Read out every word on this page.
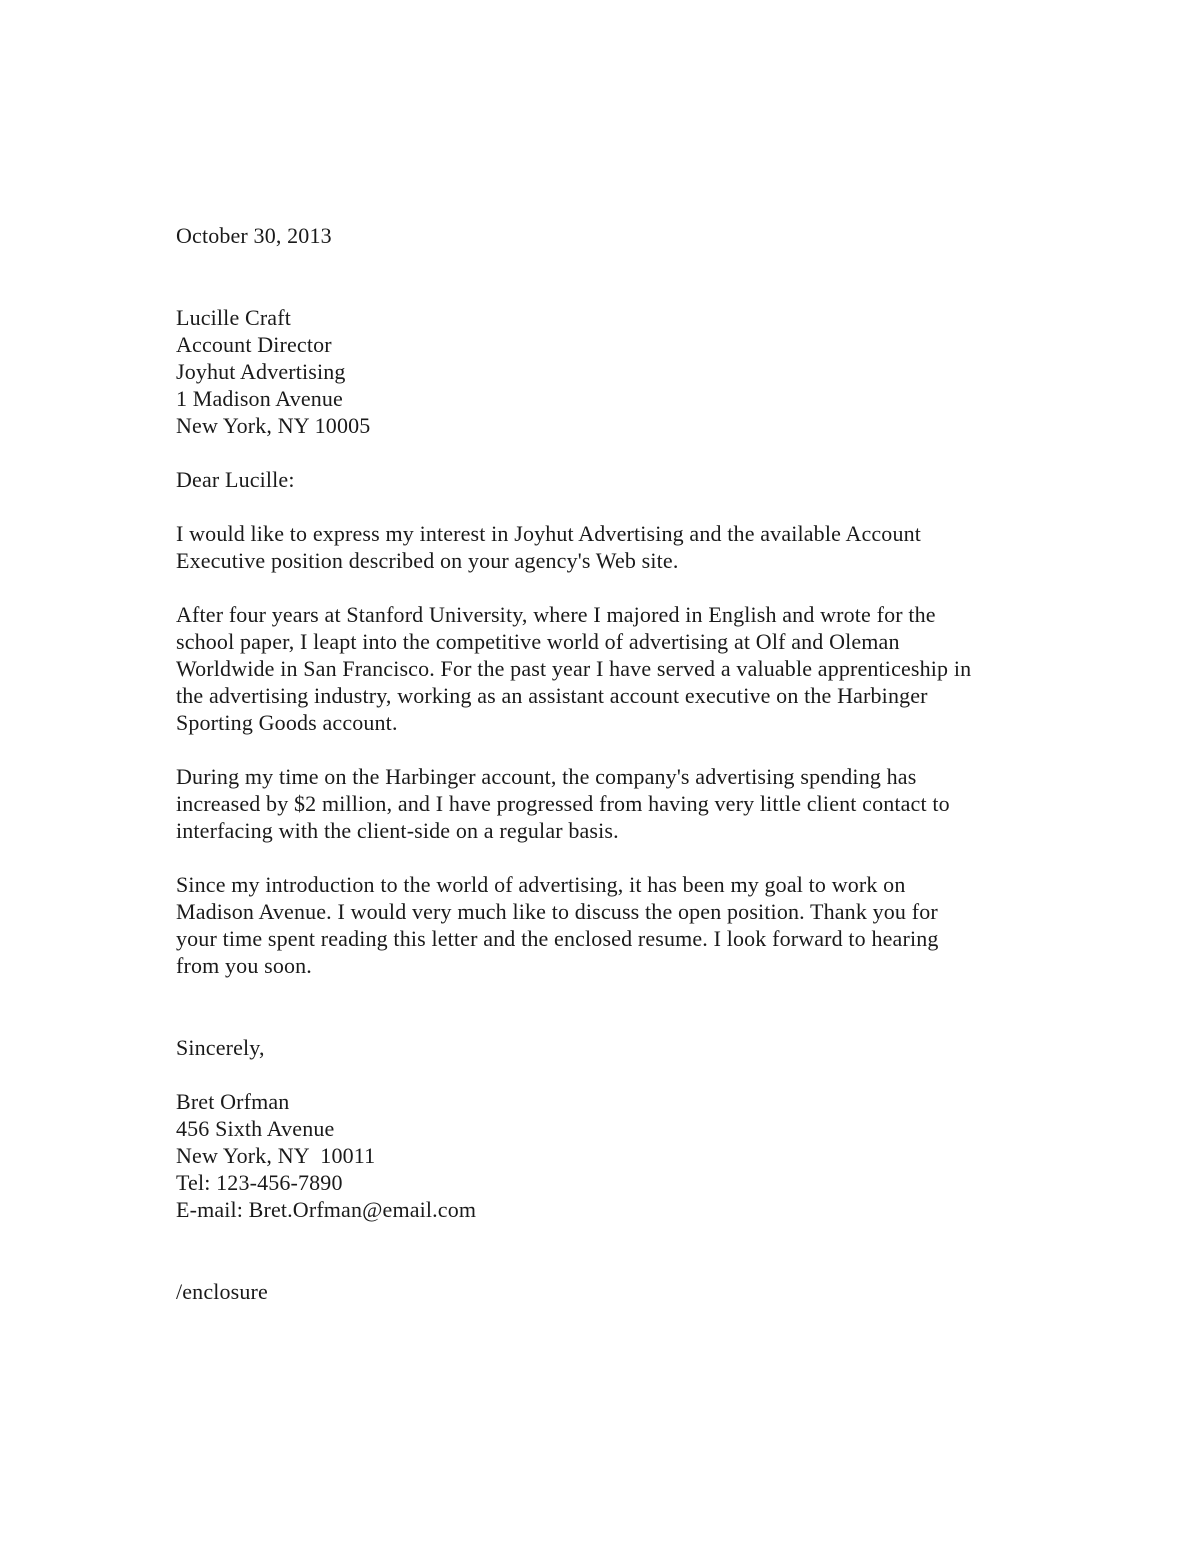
October 30, 2013
Lucille Craft
Account Director
Joyhut Advertising
1 Madison Avenue
New York, NY 10005
Dear Lucille:
I would like to express my interest in Joyhut Advertising and the available Account
Executive position described on your agency's Web site.
After four years at Stanford University, where I majored in English and wrote for the
school paper, I leapt into the competitive world of advertising at Olf and Oleman
Worldwide in San Francisco. For the past year I have served a valuable apprenticeship in
the advertising industry, working as an assistant account executive on the Harbinger
Sporting Goods account.
During my time on the Harbinger account, the company's advertising spending has
increased by $2 million, and I have progressed from having very little client contact to
interfacing with the client-side on a regular basis.
Since my introduction to the world of advertising, it has been my goal to work on
Madison Avenue. I would very much like to discuss the open position. Thank you for
your time spent reading this letter and the enclosed resume. I look forward to hearing
from you soon.
Sincerely,
Bret Orfman
456 Sixth Avenue
New York, NY  10011
Tel: 123-456-7890
E-mail: Bret.Orfman@email.com
/enclosure
